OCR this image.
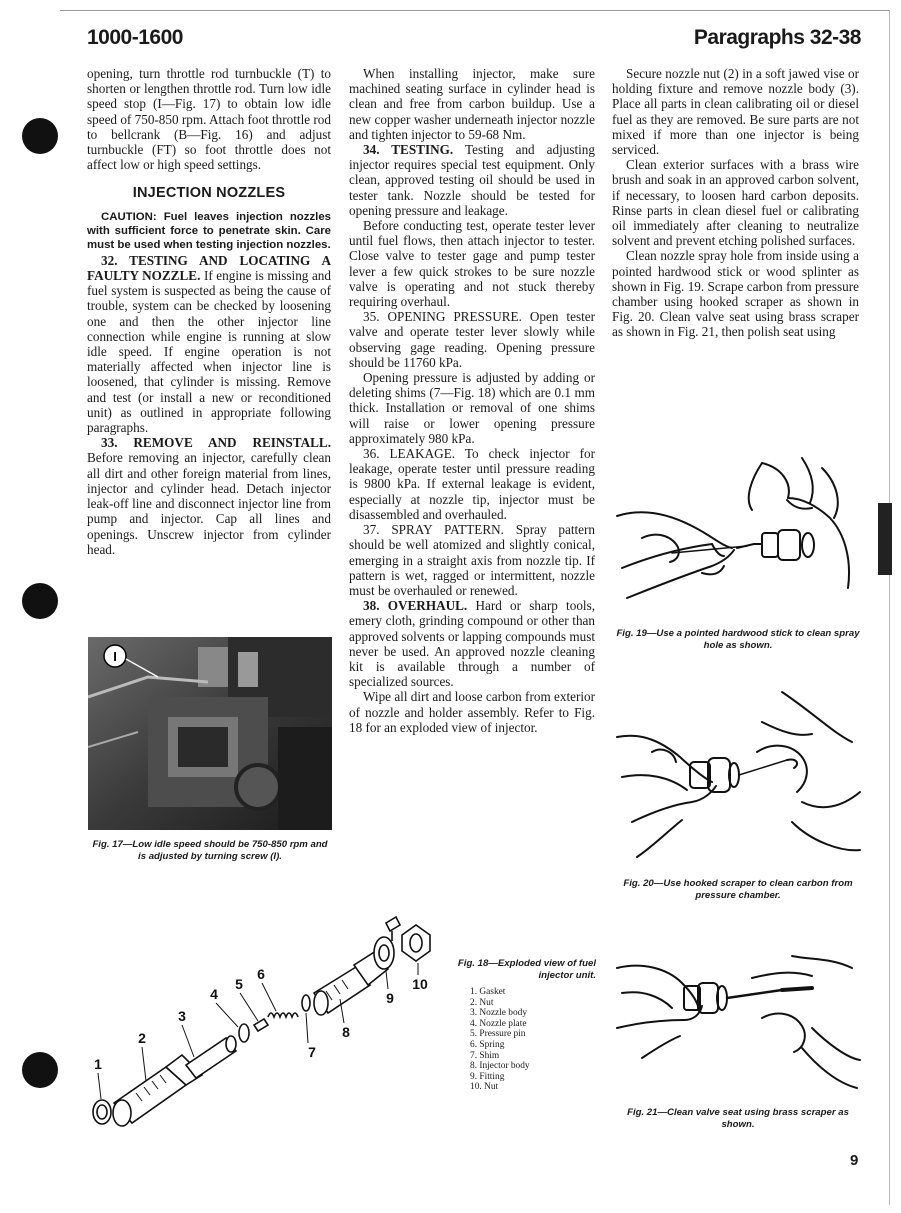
1000-1600	Paragraphs 32-38

opening, turn throttle rod turnbuckle (T) to shorten or lengthen throttle rod. Turn low idle speed stop (I—Fig. 17) to obtain low idle speed of 750-850 rpm. Attach foot throttle rod to bellcrank (B—Fig. 16) and adjust turnbuckle (FT) so foot throttle does not affect low or high speed settings.

INJECTION NOZZLES

CAUTION: Fuel leaves injection nozzles with sufficient force to penetrate skin. Care must be used when testing injection nozzles.

32. TESTING AND LOCATING A FAULTY NOZZLE. If engine is missing and fuel system is suspected as being the cause of trouble, system can be checked by loosening one and then the other injector line connection while engine is running at slow idle speed. If engine operation is not materially affected when injector line is loosened, that cylinder is missing. Remove and test (or install a new or reconditioned unit) as outlined in appropriate following paragraphs.

33. REMOVE AND REINSTALL. Before removing an injector, carefully clean all dirt and other foreign material from lines, injector and cylinder head. Detach injector leak-off line and disconnect injector line from pump and injector. Cap all lines and openings. Unscrew injector from cylinder head.

I
Fig. 17—Low idle speed should be 750-850 rpm and is adjusted by turning screw (I).

When installing injector, make sure machined seating surface in cylinder head is clean and free from carbon buildup. Use a new copper washer underneath injector nozzle and tighten injector to 59-68 Nm.

34. TESTING. Testing and adjusting injector requires special test equipment. Only clean, approved testing oil should be used in tester tank. Nozzle should be tested for opening pressure and leakage.

Before conducting test, operate tester lever until fuel flows, then attach injector to tester. Close valve to tester gage and pump tester lever a few quick strokes to be sure nozzle valve is operating and not stuck thereby requiring overhaul.

35. OPENING PRESSURE. Open tester valve and operate tester lever slowly while observing gage reading. Opening pressure should be 11760 kPa.

Opening pressure is adjusted by adding or deleting shims (7—Fig. 18) which are 0.1 mm thick. Installation or removal of one shims will raise or lower opening pressure approximately 980 kPa.

36. LEAKAGE. To check injector for leakage, operate tester until pressure reading is 9800 kPa. If external leakage is evident, especially at nozzle tip, injector must be disassembled and overhauled.

37. SPRAY PATTERN. Spray pattern should be well atomized and slightly conical, emerging in a straight axis from nozzle tip. If pattern is wet, ragged or intermittent, nozzle must be overhauled or renewed.

38. OVERHAUL. Hard or sharp tools, emery cloth, grinding compound or other than approved solvents or lapping compounds must never be used. An approved nozzle cleaning kit is available through a number of specialized sources.

Wipe all dirt and loose carbon from exterior of nozzle and holder assembly. Refer to Fig. 18 for an exploded view of injector.

Secure nozzle nut (2) in a soft jawed vise or holding fixture and remove nozzle body (3). Place all parts in clean calibrating oil or diesel fuel as they are removed. Be sure parts are not mixed if more than one injector is being serviced.

Clean exterior surfaces with a brass wire brush and soak in an approved carbon solvent, if necessary, to loosen hard carbon deposits. Rinse parts in clean diesel fuel or calibrating oil immediately after cleaning to neutralize solvent and prevent etching polished surfaces.

Clean nozzle spray hole from inside using a pointed hardwood stick or wood splinter as shown in Fig. 19. Scrape carbon from pressure chamber using hooked scraper as shown in Fig. 20. Clean valve seat using brass scraper as shown in Fig. 21, then polish seat using

Fig. 19—Use a pointed hardwood stick to clean spray hole as shown.
Fig. 20—Use hooked scraper to clean carbon from pressure chamber.
Fig. 21—Clean valve seat using brass scraper as shown.
1
2
3
4
5
6
7
8
9
10
Fig. 18—Exploded view of fuel injector unit.
1. Gasket
2. Nut
3. Nozzle body
4. Nozzle plate
5. Pressure pin
6. Spring
7. Shim
8. Injector body
9. Fitting
10. Nut
9
